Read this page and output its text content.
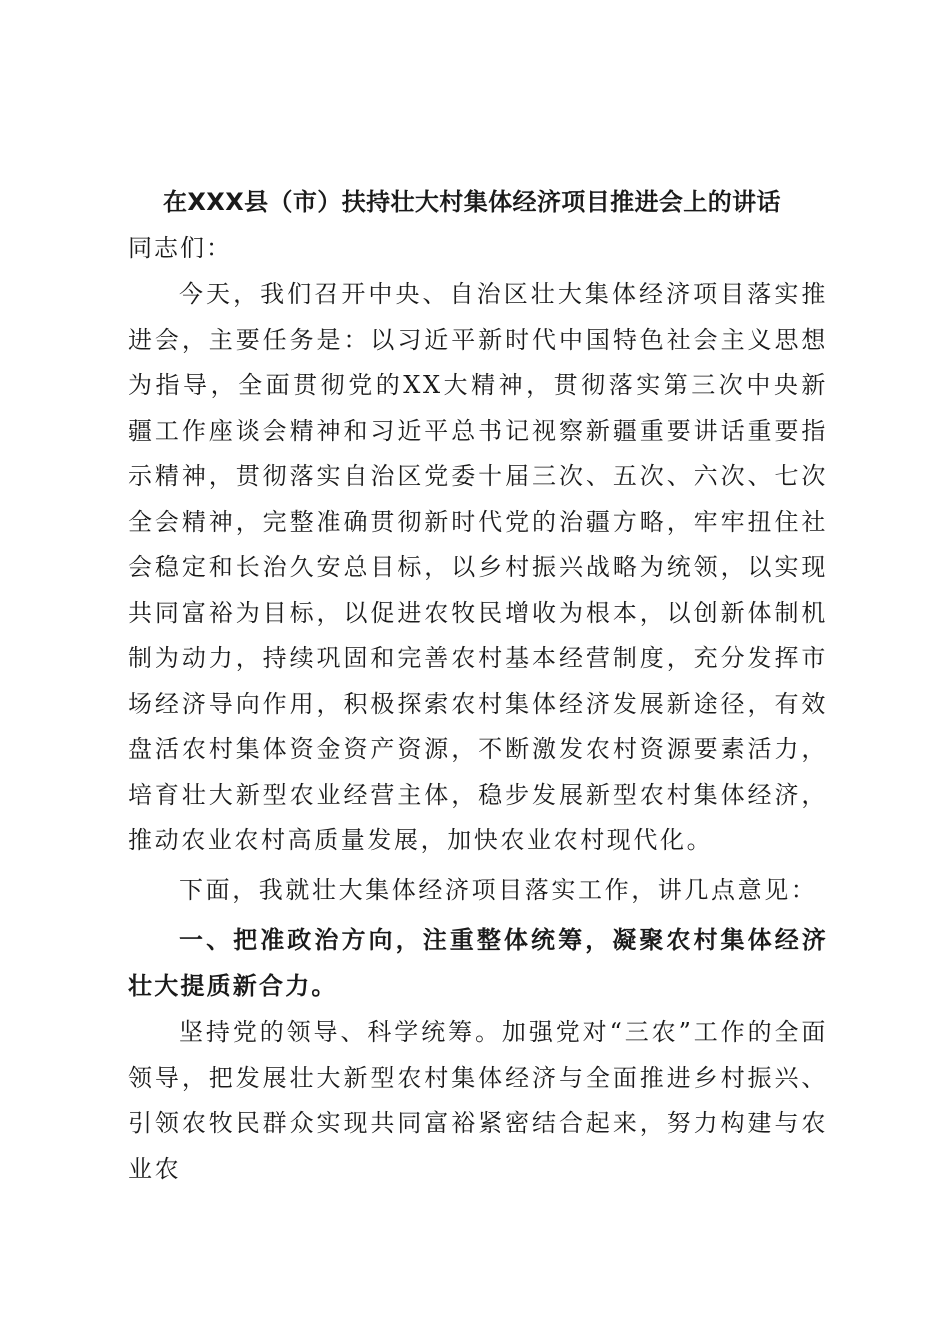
在XXX县（市）扶持壮大村集体经济项目推进会上的讲话
同志们：

今天，我们召开中央、自治区壮大集体经济项目落实推进会，主要任务是：以习近平新时代中国特色社会主义思想为指导，全面贯彻党的XX大精神，贯彻落实第三次中央新疆工作座谈会精神和习近平总书记视察新疆重要讲话重要指示精神，贯彻落实自治区党委十届三次、五次、六次、七次全会精神，完整准确贯彻新时代党的治疆方略，牢牢扭住社会稳定和长治久安总目标，以乡村振兴战略为统领，以实现共同富裕为目标，以促进农牧民增收为根本，以创新体制机制为动力，持续巩固和完善农村基本经营制度，充分发挥市场经济导向作用，积极探索农村集体经济发展新途径，有效盘活农村集体资金资产资源，不断激发农村资源要素活力，培育壮大新型农业经营主体，稳步发展新型农村集体经济，推动农业农村高质量发展，加快农业农村现代化。

下面，我就壮大集体经济项目落实工作，讲几点意见：

一、把准政治方向，注重整体统筹，凝聚农村集体经济壮大提质新合力。

坚持党的领导、科学统筹。加强党对“三农”工作的全面领导，把发展壮大新型农村集体经济与全面推进乡村振兴、引领农牧民群众实现共同富裕紧密结合起来，努力构建与农业农
